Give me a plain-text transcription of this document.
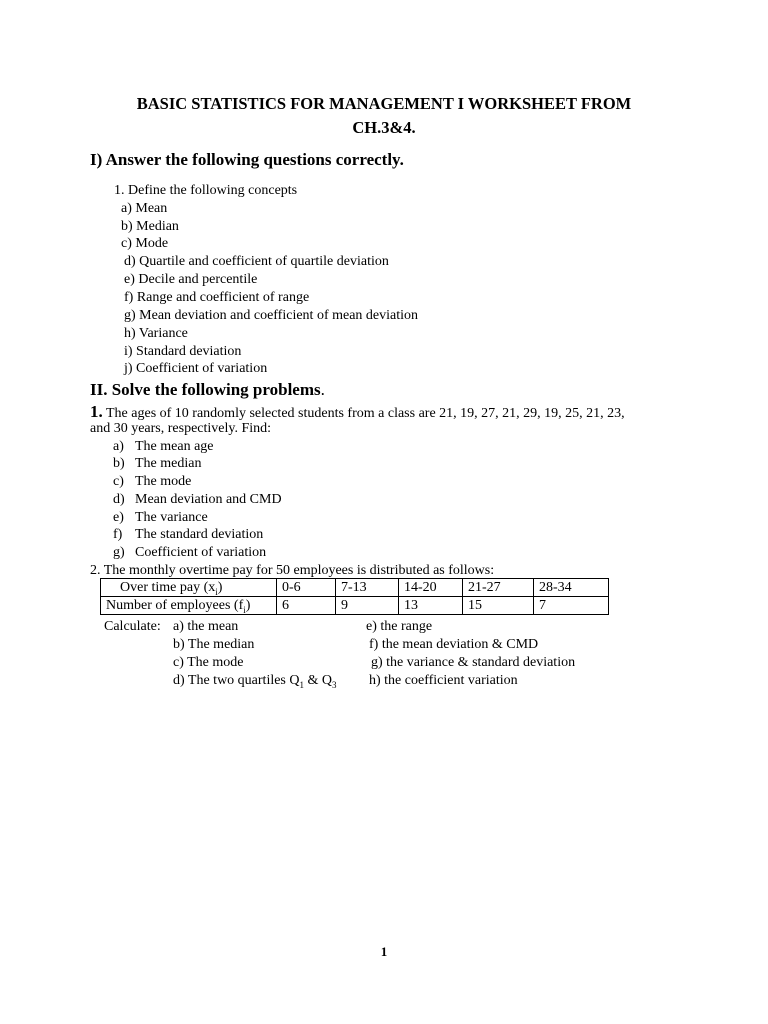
BASIC STATISTICS FOR MANAGEMENT I WORKSHEET FROM
CH.3&4.
I) Answer the following questions correctly.
1. Define the following concepts
a) Mean
b) Median
c) Mode
d) Quartile and coefficient of quartile deviation
e) Decile and percentile
f) Range and coefficient of range
g) Mean deviation and coefficient of mean deviation
h) Variance
i) Standard deviation
j) Coefficient of variation
II. Solve the following problems.
1. The ages of 10 randomly selected students from a class are 21, 19, 27, 21, 29, 19, 25, 21, 23,
and 30 years, respectively. Find:
a) The mean age
b) The median
c) The mode
d) Mean deviation and CMD
e) The variance
f) The standard deviation
g) Coefficient of variation
2. The monthly overtime pay for 50 employees is distributed as follows:
Over time pay $(x_i)$	0-6	7-13	14-20	21-27	28-34
Number of employees $(f_i)$	6	9	13	15	7
Calculate: a) the mean
b) The median
c) The mode
d) The two quartiles $Q_1$ & $Q_3$
e) the range
f) the mean deviation & CMD
g) the variance & standard deviation
h) the coefficient variation
1
